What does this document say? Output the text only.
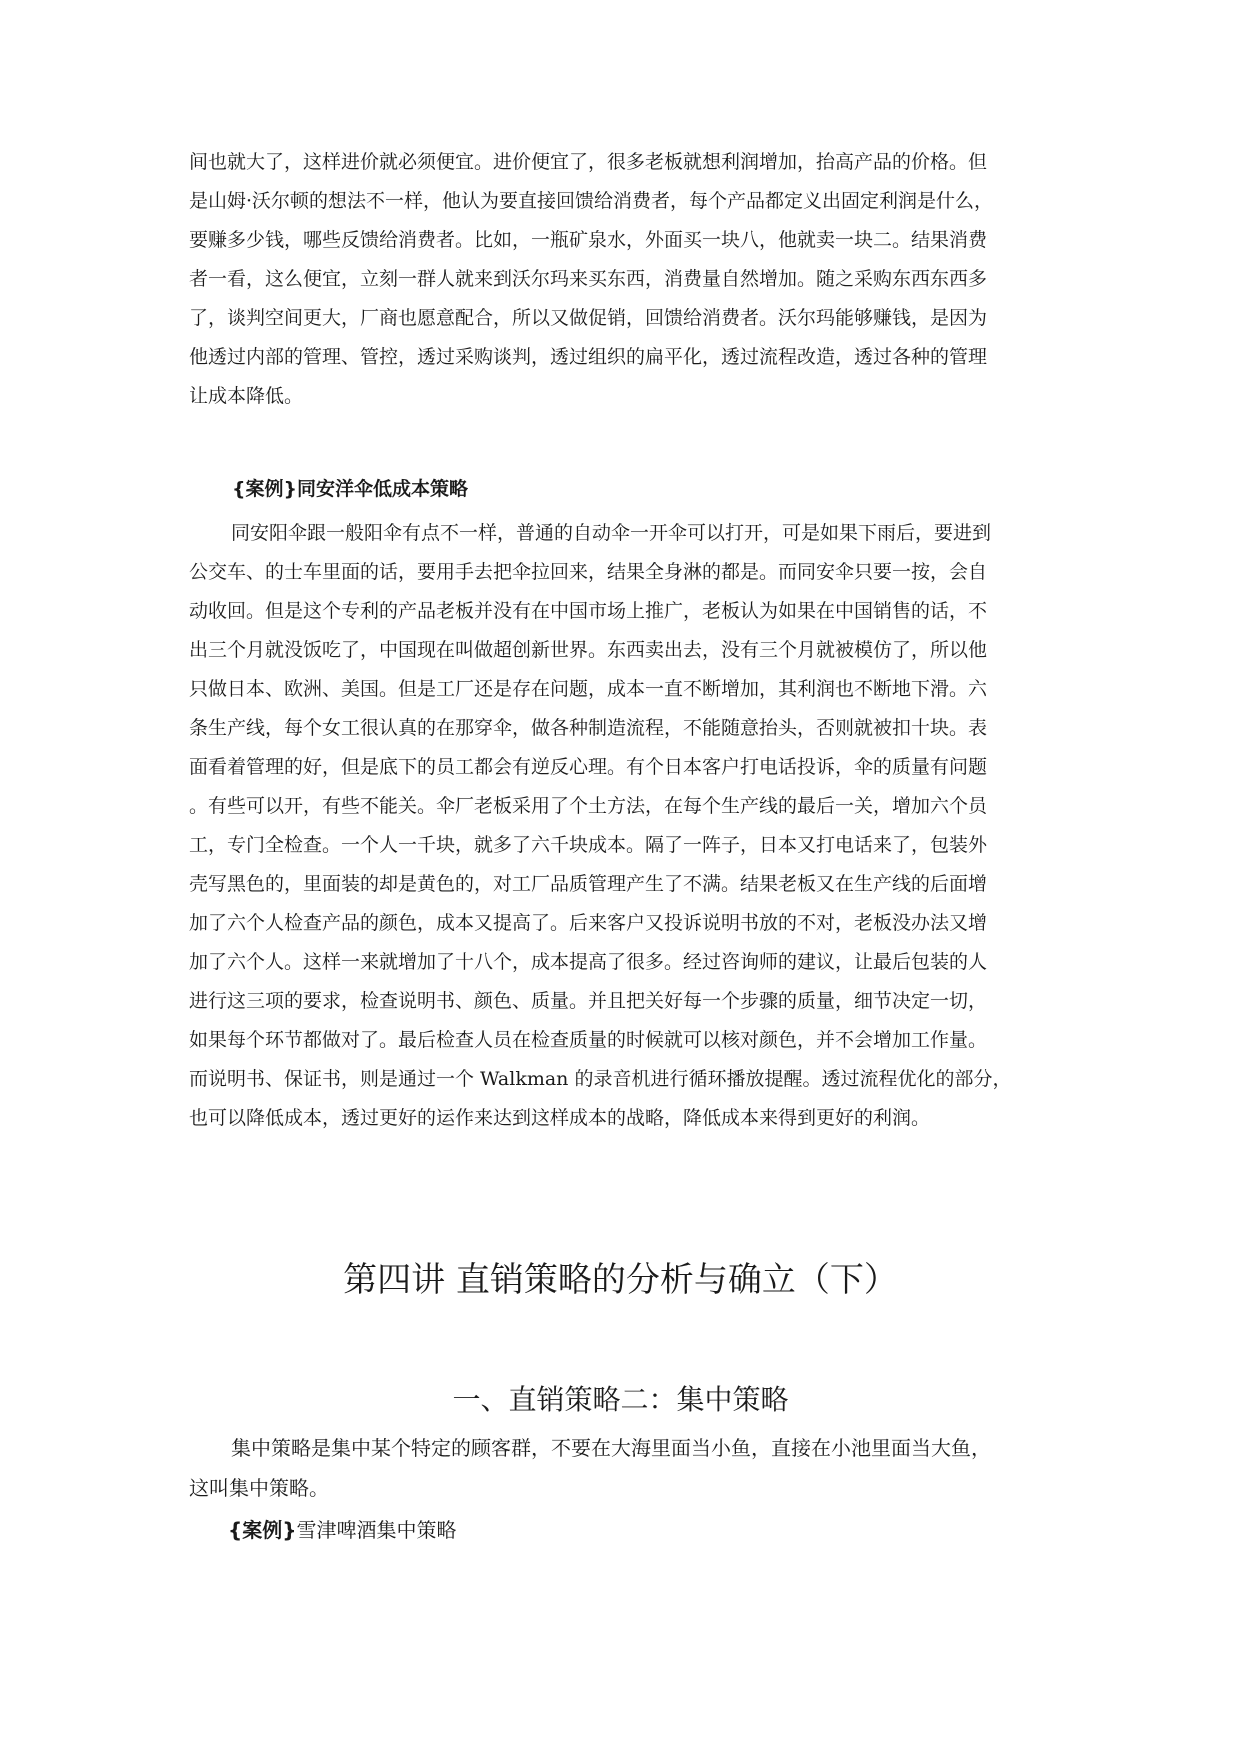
间也就大了，这样进价就必须便宜。进价便宜了，很多老板就想利润增加，抬高产品的价格。但
是山姆·沃尔顿的想法不一样，他认为要直接回馈给消费者，每个产品都定义出固定利润是什么，
要赚多少钱，哪些反馈给消费者。比如，一瓶矿泉水，外面买一块八，他就卖一块二。结果消费
者一看，这么便宜，立刻一群人就来到沃尔玛来买东西，消费量自然增加。随之采购东西东西多
了，谈判空间更大，厂商也愿意配合，所以又做促销，回馈给消费者。沃尔玛能够赚钱，是因为
他透过内部的管理、管控，透过采购谈判，透过组织的扁平化，透过流程改造，透过各种的管理
让成本降低。
{案例}同安洋伞低成本策略
同安阳伞跟一般阳伞有点不一样，普通的自动伞一开伞可以打开，可是如果下雨后，要进到
公交车、的士车里面的话，要用手去把伞拉回来，结果全身淋的都是。而同安伞只要一按，会自
动收回。但是这个专利的产品老板并没有在中国市场上推广，老板认为如果在中国销售的话，不
出三个月就没饭吃了，中国现在叫做超创新世界。东西卖出去，没有三个月就被模仿了，所以他
只做日本、欧洲、美国。但是工厂还是存在问题，成本一直不断增加，其利润也不断地下滑。六
条生产线，每个女工很认真的在那穿伞，做各种制造流程，不能随意抬头，否则就被扣十块。表
面看着管理的好，但是底下的员工都会有逆反心理。有个日本客户打电话投诉，伞的质量有问题
。有些可以开，有些不能关。伞厂老板采用了个土方法，在每个生产线的最后一关，增加六个员
工，专门全检查。一个人一千块，就多了六千块成本。隔了一阵子，日本又打电话来了，包装外
壳写黑色的，里面装的却是黄色的，对工厂品质管理产生了不满。结果老板又在生产线的后面增
加了六个人检查产品的颜色，成本又提高了。后来客户又投诉说明书放的不对，老板没办法又增
加了六个人。这样一来就增加了十八个，成本提高了很多。经过咨询师的建议，让最后包装的人
进行这三项的要求，检查说明书、颜色、质量。并且把关好每一个步骤的质量，细节决定一切，
如果每个环节都做对了。最后检查人员在检查质量的时候就可以核对颜色，并不会增加工作量。
而说明书、保证书，则是通过一个 Walkman 的录音机进行循环播放提醒。透过流程优化的部分，
也可以降低成本，透过更好的运作来达到这样成本的战略，降低成本来得到更好的利润。
第四讲 直销策略的分析与确立（下）
一、直销策略二：集中策略
集中策略是集中某个特定的顾客群，不要在大海里面当小鱼，直接在小池里面当大鱼，
这叫集中策略。
{案例}雪津啤酒集中策略
